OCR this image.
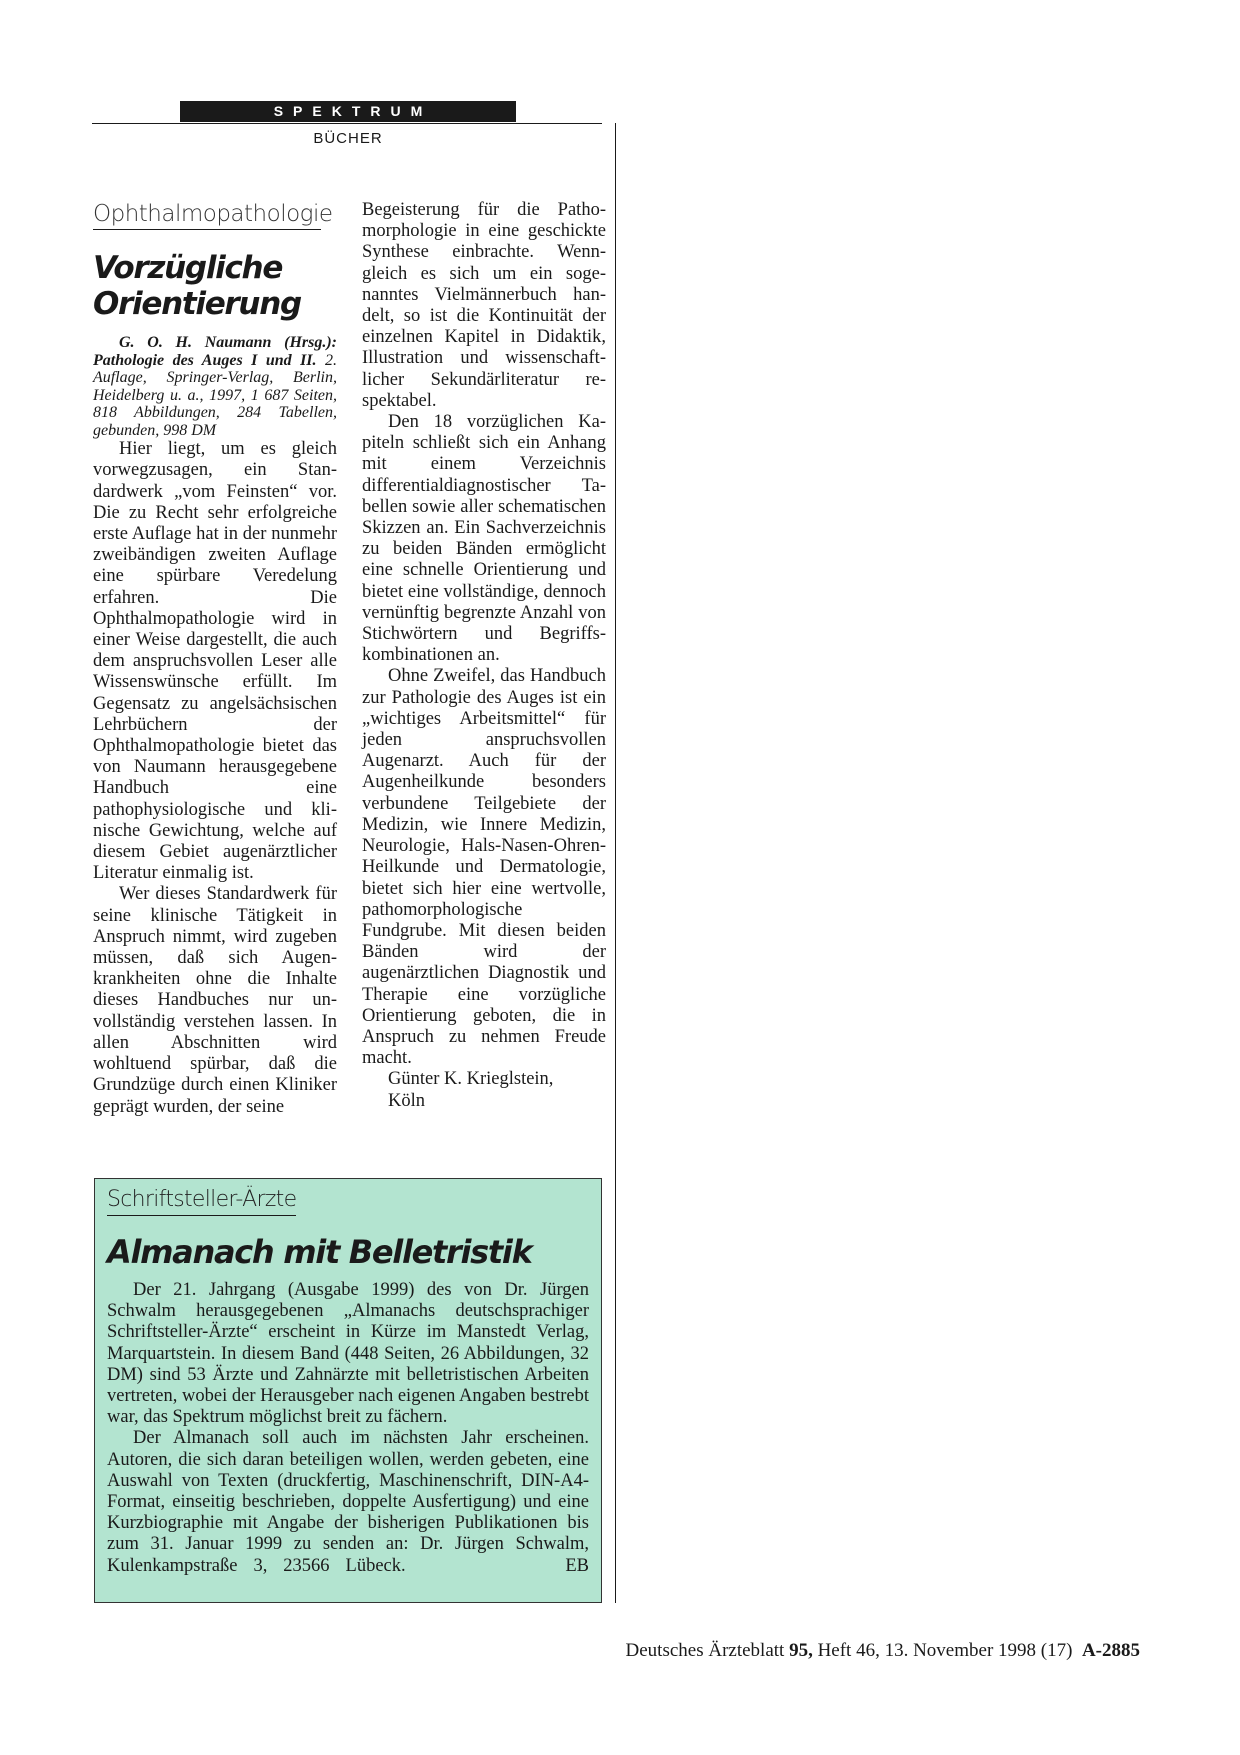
SPEKTRUM
BÜCHER
Ophthalmopathologie
Vorzügliche
Orientierung

G. O. H. Naumann (Hrsg.): Pathologie des Auges I und II. 2. Auflage, Springer-Verlag, Berlin, Heidelberg u. a., 1997, 1 687 Seiten, 818 Abbildungen, 284 Tabellen, gebunden, 998 DM

Hier liegt, um es gleich vorwegzusagen, ein Standardwerk „vom Feinsten“ vor. Die zu Recht sehr erfolgreiche erste Auflage hat in der nunmehr zweibändigen zweiten Auflage eine spürbare Veredelung erfahren. Die Ophthalmopathologie wird in einer Weise dargestellt, die auch dem anspruchsvollen Leser alle Wissenswünsche erfüllt. Im Gegensatz zu angelsächsischen Lehrbüchern der Ophthalmopathologie bietet das von Naumann herausgegebene Handbuch eine pathophysiologische und klinische Gewichtung, welche auf diesem Gebiet augenärztlicher Literatur einmalig ist.

Wer dieses Standardwerk für seine klinische Tätigkeit in Anspruch nimmt, wird zugeben müssen, daß sich Augenkrankheiten ohne die Inhalte dieses Handbuches nur unvollständig verstehen lassen. In allen Abschnitten wird wohltuend spürbar, daß die Grundzüge durch einen Kliniker geprägt wurden, der seine

Begeisterung für die Pathomorphologie in eine geschickte Synthese einbrachte. Wenngleich es sich um ein sogenanntes Vielmännerbuch handelt, so ist die Kontinuität der einzelnen Kapitel in Didaktik, Illustration und wissenschaftlicher Sekundärliteratur respektabel.

Den 18 vorzüglichen Kapiteln schließt sich ein Anhang mit einem Verzeichnis differentialdiagnostischer Tabellen sowie aller schematischen Skizzen an. Ein Sachverzeichnis zu beiden Bänden ermöglicht eine schnelle Orientierung und bietet eine vollständige, dennoch vernünftig begrenzte Anzahl von Stichwörtern und Begriffskombinationen an.

Ohne Zweifel, das Handbuch zur Pathologie des Auges ist ein „wichtiges Arbeitsmittel“ für jeden anspruchsvollen Augenarzt. Auch für der Augenheilkunde besonders verbundene Teilgebiete der Medizin, wie Innere Medizin, Neurologie, Hals-Nasen-Ohren-Heilkunde und Dermatologie, bietet sich hier eine wertvolle, pathomorphologische Fundgrube. Mit diesen beiden Bänden wird der augenärztlichen Diagnostik und Therapie eine vorzügliche Orientierung geboten, die in Anspruch zu nehmen Freude macht.

Günter K. Krieglstein,

Köln

Schriftsteller-Ärzte
Almanach mit Belletristik

Der 21. Jahrgang (Ausgabe 1999) des von Dr. Jürgen Schwalm herausgegebenen „Almanachs deutschsprachiger Schriftsteller-Ärzte“ erscheint in Kürze im Manstedt Verlag, Marquartstein. In diesem Band (448 Seiten, 26 Abbildungen, 32 DM) sind 53 Ärzte und Zahnärzte mit belletristischen Arbeiten vertreten, wobei der Herausgeber nach eigenen Angaben bestrebt war, das Spektrum möglichst breit zu fächern.

Der Almanach soll auch im nächsten Jahr erscheinen. Autoren, die sich daran beteiligen wollen, werden gebeten, eine Auswahl von Texten (druckfertig, Maschinenschrift, DIN-A4-Format, einseitig beschrieben, doppelte Ausfertigung) und eine Kurzbiographie mit Angabe der bisherigen Publikationen bis zum 31. Januar 1999 zu senden an: Dr. Jürgen Schwalm, Kulenkampstraße 3, 23566 Lübeck.	EB

Deutsches Ärzteblatt 95, Heft 46, 13. November 1998 (17) A-2885
